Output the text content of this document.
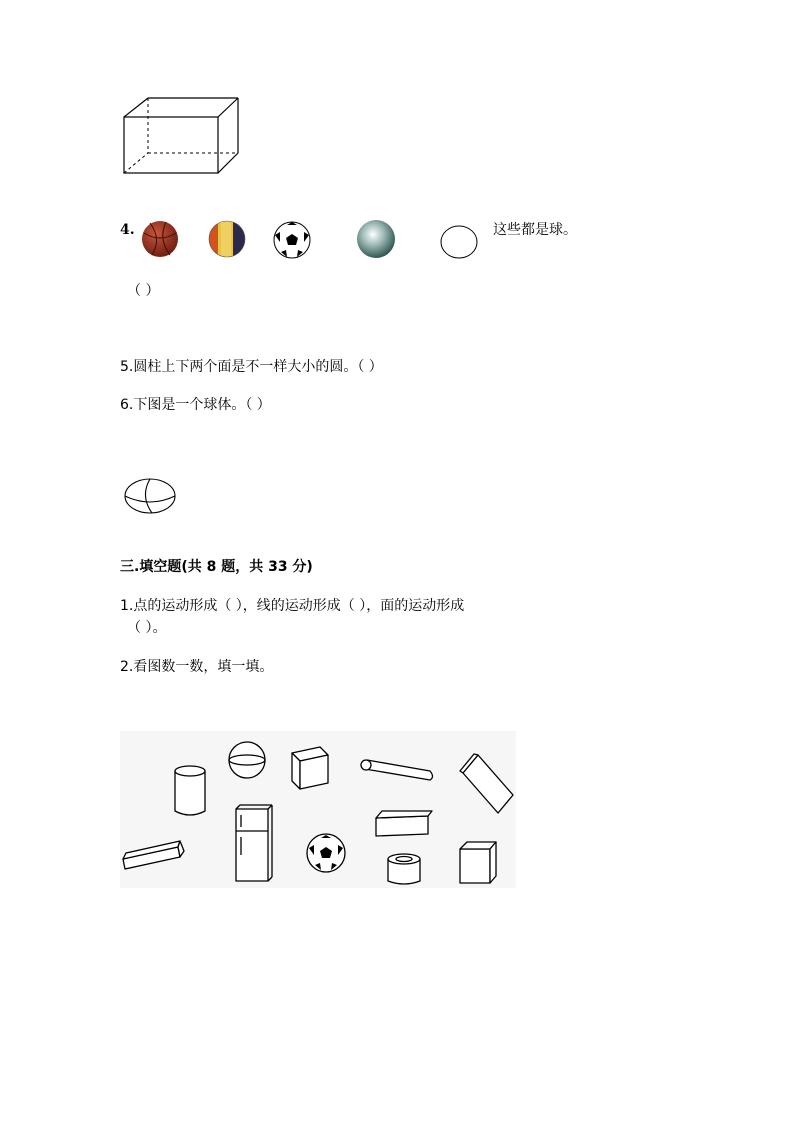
4.	这些都是球。
（ ）
5.圆柱上下两个面是不一样大小的圆。（ ）
6.下图是一个球体。（ ）
三.填空题(共 8 题，共 33 分)
1.点的运动形成（ ），线的运动形成（ ），面的运动形成
（ ）。
2.看图数一数，填一填。
